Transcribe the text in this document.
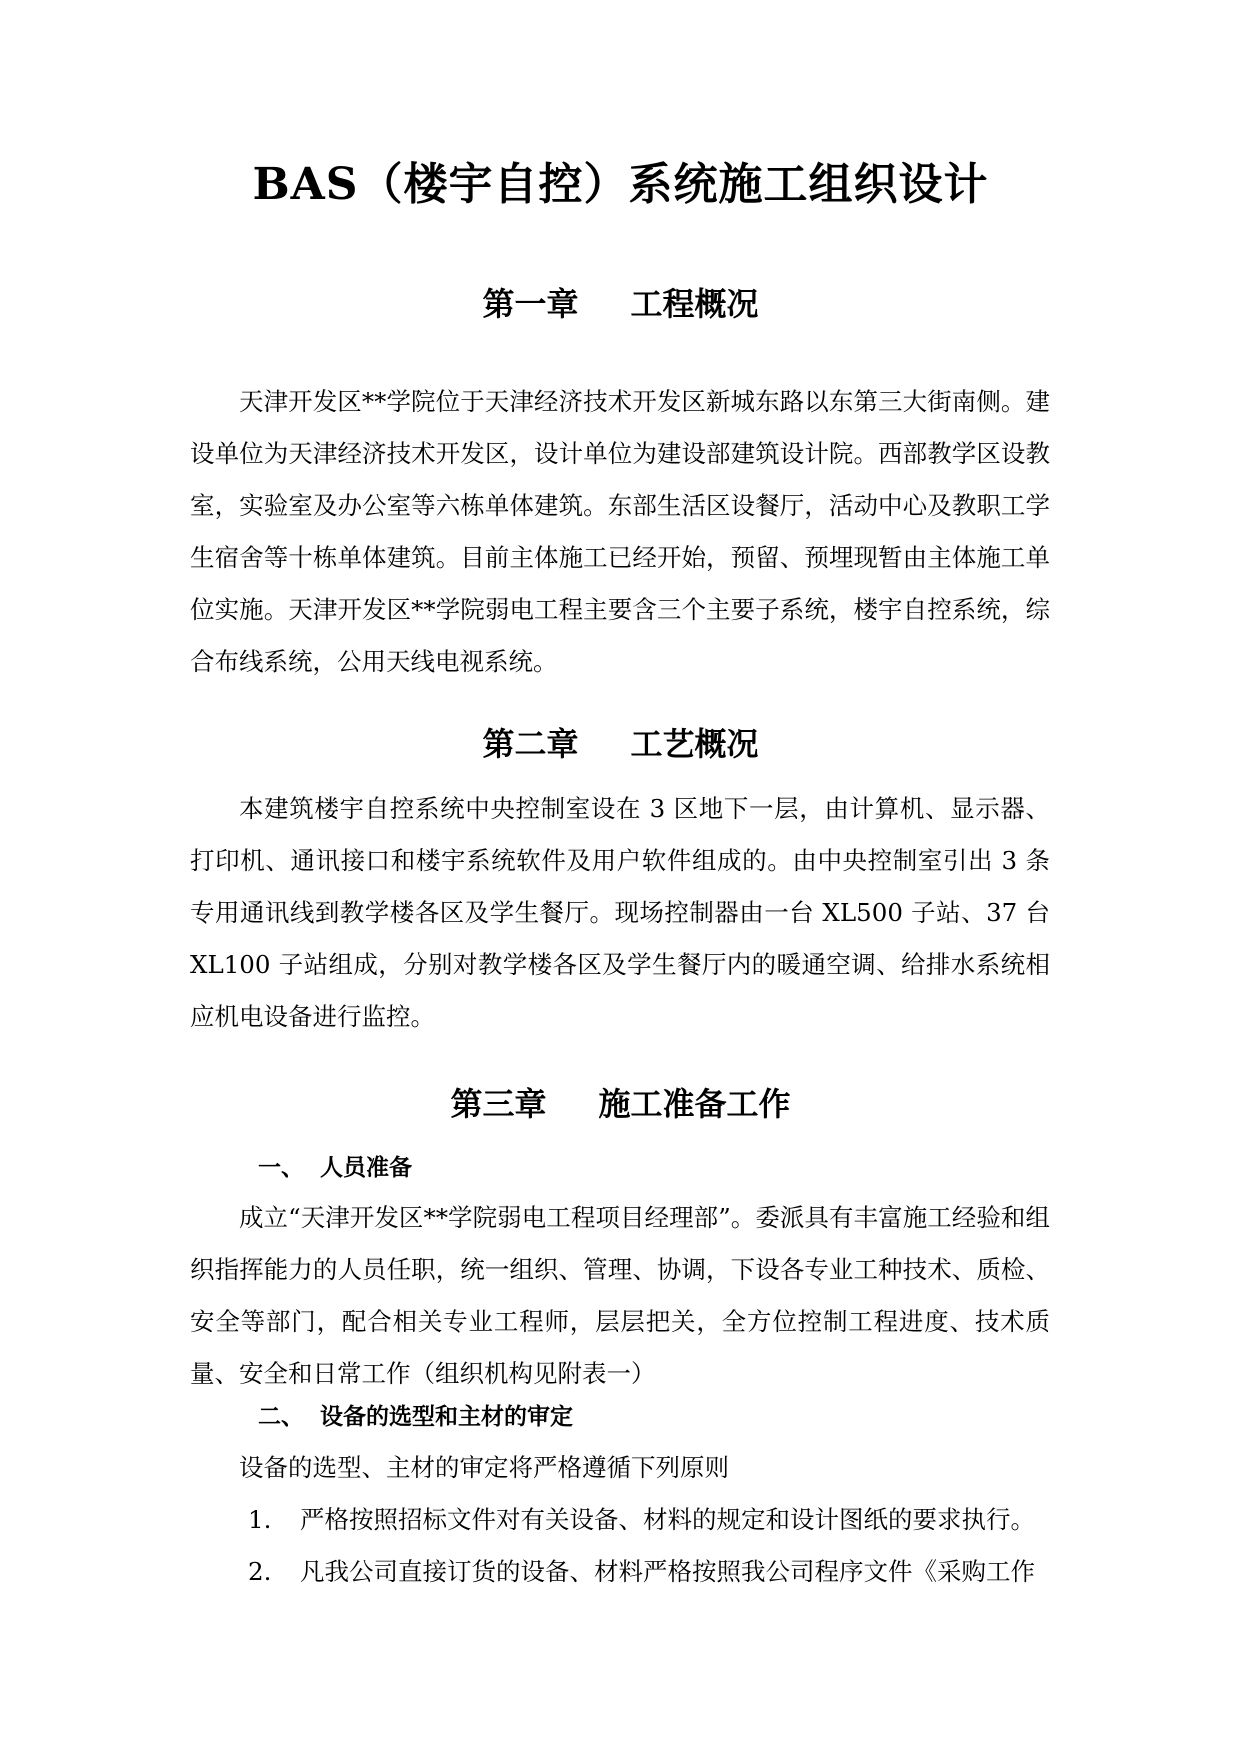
BAS（楼宇自控）系统施工组织设计
第一章 工程概况

天津开发区**学院位于天津经济技术开发区新城东路以东第三大街南侧。建设单位为天津经济技术开发区，设计单位为建设部建筑设计院。西部教学区设教室，实验室及办公室等六栋单体建筑。东部生活区设餐厅，活动中心及教职工学生宿舍等十栋单体建筑。目前主体施工已经开始，预留、预埋现暂由主体施工单位实施。天津开发区**学院弱电工程主要含三个主要子系统，楼宇自控系统，综合布线系统，公用天线电视系统。

第二章 工艺概况

本建筑楼宇自控系统中央控制室设在 3 区地下一层，由计算机、显示器、打印机、通讯接口和楼宇系统软件及用户软件组成的。由中央控制室引出 3 条专用通讯线到教学楼各区及学生餐厅。现场控制器由一台 XL500 子站、37 台 XL100 子站组成，分别对教学楼各区及学生餐厅内的暖通空调、给排水系统相应机电设备进行监控。

第三章 施工准备工作
一、 人员准备

成立“天津开发区**学院弱电工程项目经理部”。委派具有丰富施工经验和组织指挥能力的人员任职，统一组织、管理、协调，下设各专业工种技术、质检、安全等部门，配合相关专业工程师，层层把关，全方位控制工程进度、技术质量、安全和日常工作（组织机构见附表一）

二、 设备的选型和主材的审定
设备的选型、主材的审定将严格遵循下列原则
1. 严格按照招标文件对有关设备、材料的规定和设计图纸的要求执行。
2. 凡我公司直接订货的设备、材料严格按照我公司程序文件《采购工作
